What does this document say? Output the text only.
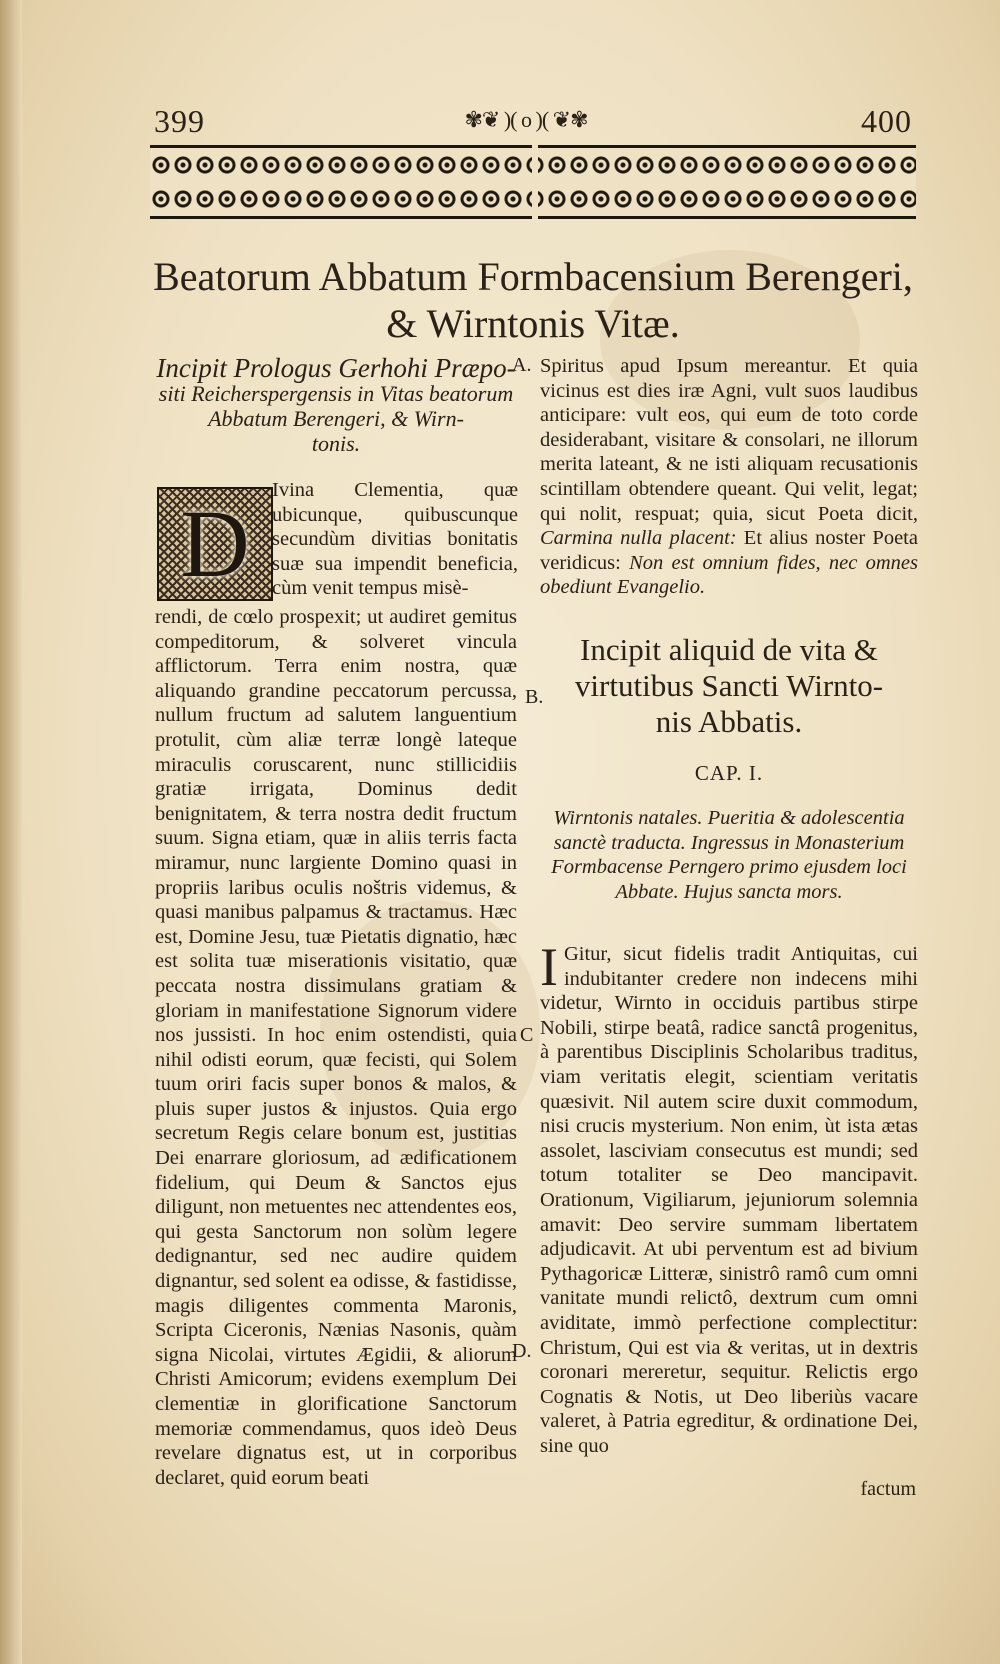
399	✾❦ )( o )( ❦✾	400
Beatorum Abbatum Formbacensium Berengeri,
& Wirntonis Vitæ.
Incipit Prologus Gerhohi Præpo-
siti Reicherspergensis in Vitas beatorum
Abbatum Berengeri, & Wirn-
tonis.
D	Ivina Clementia, quæ ubicunque, quibuscunque secundùm divitias bonitatis suæ sua impendit beneficia, cùm venit tempus misè-
rendi, de cœlo prospexit; ut audiret gemitus compeditorum, & solveret vincula afflictorum. Terra enim nostra, quæ aliquando grandine peccatorum percussa, nullum fructum ad salutem languentium protulit, cùm aliæ terræ longè lateque miraculis coruscarent, nunc stillicidiis gratiæ irrigata, Dominus dedit benignitatem, & terra nostra dedit fructum suum. Signa etiam, quæ in aliis terris facta miramur, nunc largiente Domino quasi in propriis laribus oculis noštris videmus, & quasi manibus palpamus & tractamus. Hæc est, Domine Jesu, tuæ Pietatis dignatio, hæc est solita tuæ miserationis visitatio, quæ peccata nostra dissimulans gratiam & gloriam in manifestatione Signorum videre nos jussisti. In hoc enim ostendisti, quia nihil odisti eorum, quæ fecisti, qui Solem tuum oriri facis super bonos & malos, & pluis super justos & injustos. Quia ergo secretum Regis celare bonum est, justitias Dei enarrare gloriosum, ad ædificationem fidelium, qui Deum & Sanctos ejus diligunt, non metuentes nec attendentes eos, qui gesta Sanctorum non solùm legere dedignantur, sed nec audire quidem dignantur, sed solent ea odisse, & fastidisse, magis diligentes commenta Maronis, Scripta Ciceronis, Nænias Nasonis, quàm signa Nicolai, virtutes Ægidii, & aliorum Christi Amicorum; evidens exemplum Dei clementiæ in glorificatione Sanctorum memoriæ commendamus, quos ideò Deus revelare dignatus est, ut in corporibus declaret, quid eorum beati
Spiritus apud Ipsum mereantur. Et quia vicinus est dies iræ Agni, vult suos laudibus anticipare: vult eos, qui eum de toto corde desiderabant, visitare & consolari, ne illorum merita lateant, & ne isti aliquam recusationis scintillam obtendere queant. Qui velit, legat; qui nolit, respuat; quia, sicut Poeta dicit, Carmina nulla placent: Et alius noster Poeta veridicus: Non est omnium fides, nec omnes obediunt Evangelio.
Incipit aliquid de vita &
virtutibus Sancti Wirnto-
nis Abbatis.
CAP. I.
Wirntonis natales. Pueritia & adolescentia sanctè traducta. Ingressus in Monasterium Formbacense Perngero primo ejusdem loci Abbate. Hujus sancta mors.
I Gitur, sicut fidelis tradit Antiquitas, cui indubitanter credere non indecens mihi videtur, Wirnto in occiduis partibus stirpe Nobili, stirpe beatâ, radice sanctâ progenitus, à parentibus Disciplinis Scholaribus traditus, viam veritatis elegit, scientiam veritatis quæsivit. Nil autem scire duxit commodum, nisi crucis mysterium. Non enim, ùt ista ætas assolet, lasciviam consecutus est mundi; sed totum totaliter se Deo mancipavit. Orationum, Vigiliarum, jejuniorum solemnia amavit: Deo servire summam libertatem adjudicavit. At ubi perventum est ad bivium Pythagoricæ Litteræ, sinistrô ramô cum omni vanitate mundi relictô, dextrum cum omni aviditate, immò perfectione complectitur: Christum, Qui est via & veritas, ut in dextris coronari mereretur, sequitur. Relictis ergo Cognatis & Notis, ut Deo liberiùs vacare valeret, à Patria egreditur, & ordinatione Dei, sine quo
A.
B.
C
D.
factum
